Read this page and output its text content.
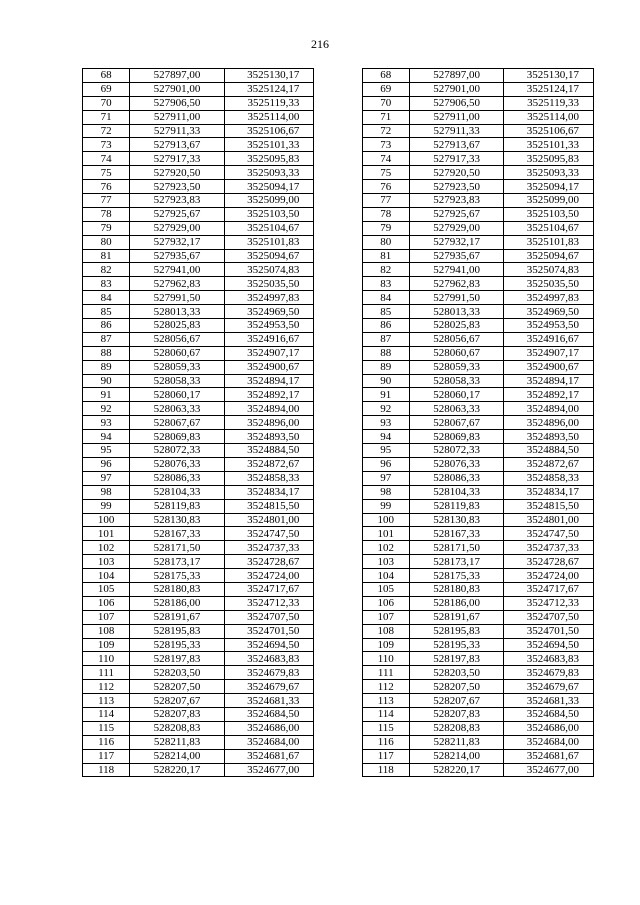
216
68	527897,00	3525130,17		68	527897,00	3525130,17
69	527901,00	3525124,17		69	527901,00	3525124,17
70	527906,50	3525119,33		70	527906,50	3525119,33
71	527911,00	3525114,00		71	527911,00	3525114,00
72	527911,33	3525106,67		72	527911,33	3525106,67
73	527913,67	3525101,33		73	527913,67	3525101,33
74	527917,33	3525095,83		74	527917,33	3525095,83
75	527920,50	3525093,33		75	527920,50	3525093,33
76	527923,50	3525094,17		76	527923,50	3525094,17
77	527923,83	3525099,00		77	527923,83	3525099,00
78	527925,67	3525103,50		78	527925,67	3525103,50
79	527929,00	3525104,67		79	527929,00	3525104,67
80	527932,17	3525101,83		80	527932,17	3525101,83
81	527935,67	3525094,67		81	527935,67	3525094,67
82	527941,00	3525074,83		82	527941,00	3525074,83
83	527962,83	3525035,50		83	527962,83	3525035,50
84	527991,50	3524997,83		84	527991,50	3524997,83
85	528013,33	3524969,50		85	528013,33	3524969,50
86	528025,83	3524953,50		86	528025,83	3524953,50
87	528056,67	3524916,67		87	528056,67	3524916,67
88	528060,67	3524907,17		88	528060,67	3524907,17
89	528059,33	3524900,67		89	528059,33	3524900,67
90	528058,33	3524894,17		90	528058,33	3524894,17
91	528060,17	3524892,17		91	528060,17	3524892,17
92	528063,33	3524894,00		92	528063,33	3524894,00
93	528067,67	3524896,00		93	528067,67	3524896,00
94	528069,83	3524893,50		94	528069,83	3524893,50
95	528072,33	3524884,50		95	528072,33	3524884,50
96	528076,33	3524872,67		96	528076,33	3524872,67
97	528086,33	3524858,33		97	528086,33	3524858,33
98	528104,33	3524834,17		98	528104,33	3524834,17
99	528119,83	3524815,50		99	528119,83	3524815,50
100	528130,83	3524801,00		100	528130,83	3524801,00
101	528167,33	3524747,50		101	528167,33	3524747,50
102	528171,50	3524737,33		102	528171,50	3524737,33
103	528173,17	3524728,67		103	528173,17	3524728,67
104	528175,33	3524724,00		104	528175,33	3524724,00
105	528180,83	3524717,67		105	528180,83	3524717,67
106	528186,00	3524712,33		106	528186,00	3524712,33
107	528191,67	3524707,50		107	528191,67	3524707,50
108	528195,83	3524701,50		108	528195,83	3524701,50
109	528195,33	3524694,50		109	528195,33	3524694,50
110	528197,83	3524683,83		110	528197,83	3524683,83
111	528203,50	3524679,83		111	528203,50	3524679,83
112	528207,50	3524679,67		112	528207,50	3524679,67
113	528207,67	3524681,33		113	528207,67	3524681,33
114	528207,83	3524684,50		114	528207,83	3524684,50
115	528208,83	3524686,00		115	528208,83	3524686,00
116	528211,83	3524684,00		116	528211,83	3524684,00
117	528214,00	3524681,67		117	528214,00	3524681,67
118	528220,17	3524677,00		118	528220,17	3524677,00
